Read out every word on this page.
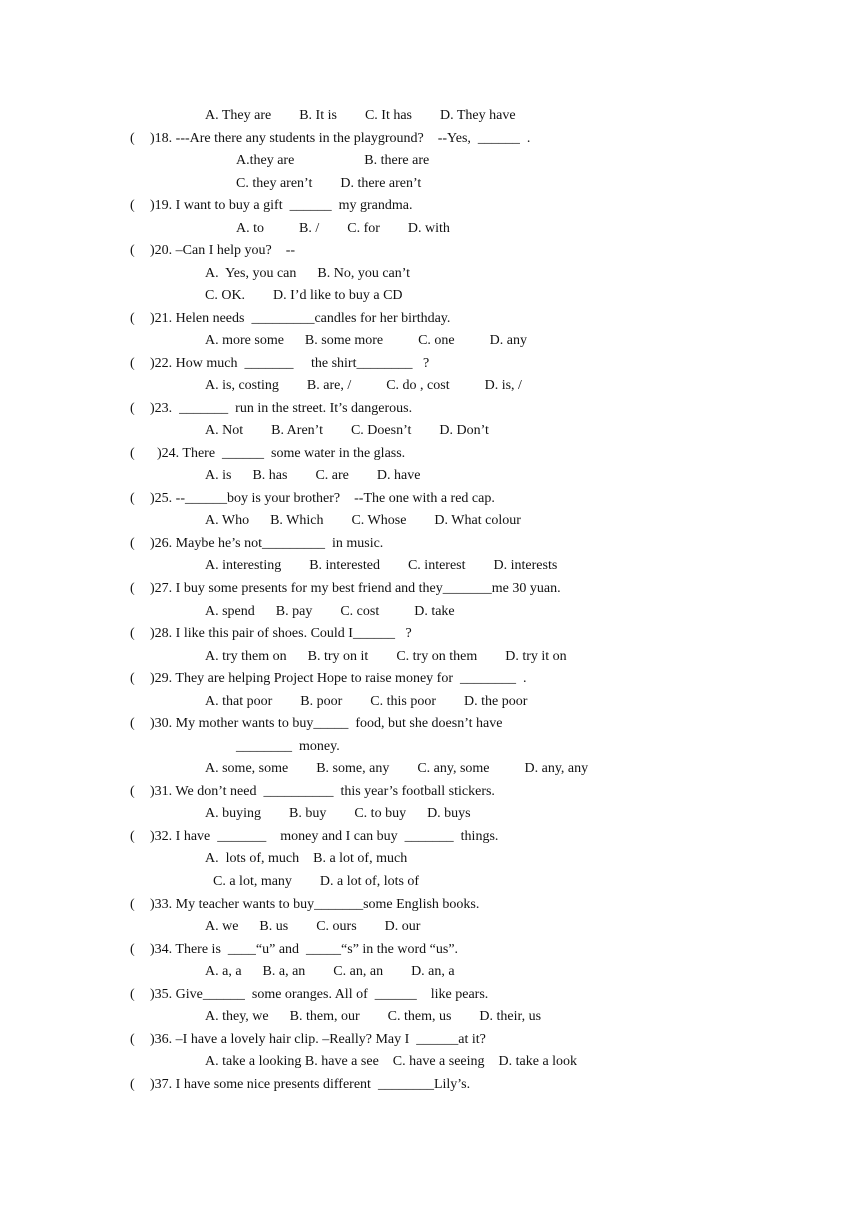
A. They are        B. It is        C. It has        D. They have
( )18. ---Are there any students in the playground?    --Yes,  ______  .
A.they are                    B. there are
C. they aren’t        D. there aren’t
( )19. I want to buy a gift  ______  my grandma.
A. to          B. /        C. for        D. with
( )20. –Can I help you?    --
A.  Yes, you can      B. No, you can’t
C. OK.        D. I’d like to buy a CD
( )21. Helen needs  _________candles for her birthday.
A. more some      B. some more          C. one          D. any
( )22. How much  _______     the shirt________   ?
A. is, costing        B. are, /          C. do , cost          D. is, /
( )23.  _______  run in the street. It’s dangerous.
A. Not        B. Aren’t        C. Doesn’t        D. Don’t
( )24. There  ______  some water in the glass.
A. is      B. has        C. are        D. have
( )25. --______boy is your brother?    --The one with a red cap.
A. Who      B. Which        C. Whose        D. What colour
( )26. Maybe he’s not_________  in music.
A. interesting        B. interested        C. interest        D. interests
( )27. I buy some presents for my best friend and they_______me 30 yuan.
A. spend      B. pay        C. cost          D. take
( )28. I like this pair of shoes. Could I______   ?
A. try them on      B. try on it        C. try on them        D. try it on
( )29. They are helping Project Hope to raise money for  ________  .
A. that poor        B. poor        C. this poor        D. the poor
( )30. My mother wants to buy_____  food, but she doesn’t have
________  money.
A. some, some        B. some, any        C. any, some          D. any, any
( )31. We don’t need  __________  this year’s football stickers.
A. buying        B. buy        C. to buy      D. buys
( )32. I have  _______    money and I can buy  _______  things.
A.  lots of, much    B. a lot of, much
C. a lot, many        D. a lot of, lots of
( )33. My teacher wants to buy_______some English books.
A. we      B. us        C. ours        D. our
( )34. There is  ____“u” and  _____“s” in the word “us”.
A. a, a      B. a, an        C. an, an        D. an, a
( )35. Give______  some oranges. All of  ______    like pears.
A. they, we      B. them, our        C. them, us        D. their, us
( )36. –I have a lovely hair clip. –Really? May I  ______at it?
A. take a looking B. have a see    C. have a seeing    D. take a look
( )37. I have some nice presents different  ________Lily’s.
